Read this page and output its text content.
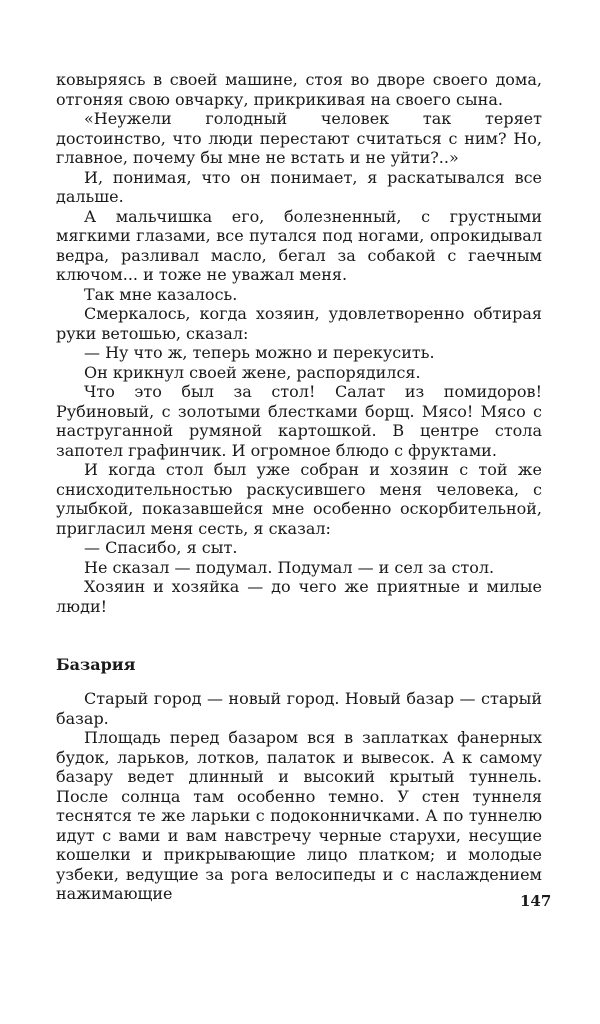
ковыряясь в своей машине, стоя во дворе своего дома, отгоняя свою овчарку, прикрикивая на своего сына.

«Неужели голодный человек так теряет достоинство, что люди перестают считаться с ним? Но, главное, почему бы мне не встать и не уйти?..»

И, понимая, что он понимает, я раскатывался все дальше.

А мальчишка его, болезненный, с грустными мягкими глазами, все путался под ногами, опрокидывал ведра, разливал масло, бегал за собакой с гаечным ключом... и тоже не уважал меня.

Так мне казалось.

Смеркалось, когда хозяин, удовлетворенно обтирая руки ветошью, сказал:

— Ну что ж, теперь можно и перекусить.

Он крикнул своей жене, распорядился.

Что это был за стол! Салат из помидоров! Рубиновый, с золотыми блестками борщ. Мясо! Мясо с наструганной румяной картошкой. В центре стола запотел графинчик. И огромное блюдо с фруктами.

И когда стол был уже собран и хозяин с той же снисходительностью раскусившего меня человека, с улыбкой, показавшейся мне особенно оскорбительной, пригласил меня сесть, я сказал:

— Спасибо, я сыт.

Не сказал — подумал. Подумал — и сел за стол.

Хозяин и хозяйка — до чего же приятные и милые люди!

Базария

Старый город — новый город. Новый базар — старый базар.

Площадь перед базаром вся в заплатках фанерных будок, ларьков, лотков, палаток и вывесок. А к самому базару ведет длинный и высокий крытый туннель. После солнца там особенно темно. У стен туннеля теснятся те же ларьки с подоконничками. А по туннелю идут с вами и вам навстречу черные старухи, несущие кошелки и прикрывающие лицо платком; и молодые узбеки, ведущие за рога велосипеды и с наслаждением нажимающие	147
